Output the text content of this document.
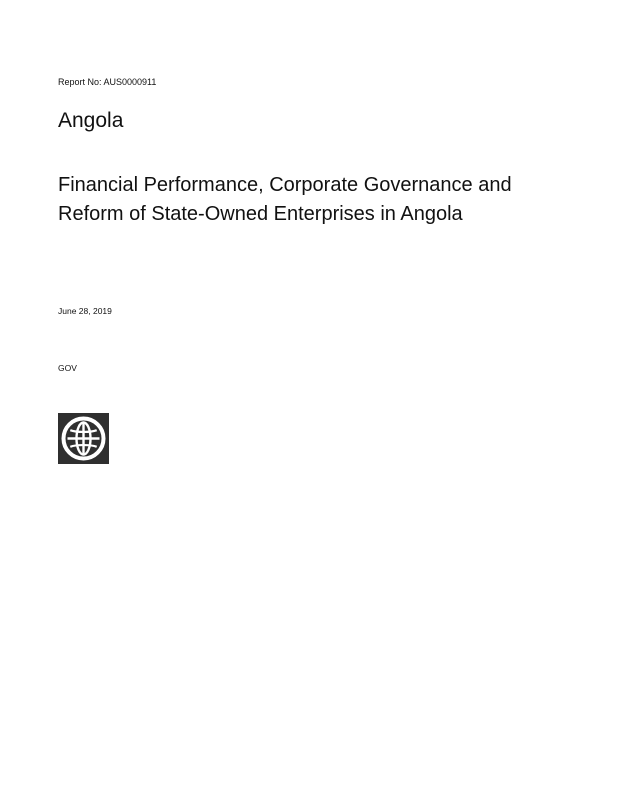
Report No: AUS0000911
Angola
Financial Performance, Corporate Governance and
Reform of State-Owned Enterprises in Angola
June 28, 2019
GOV
